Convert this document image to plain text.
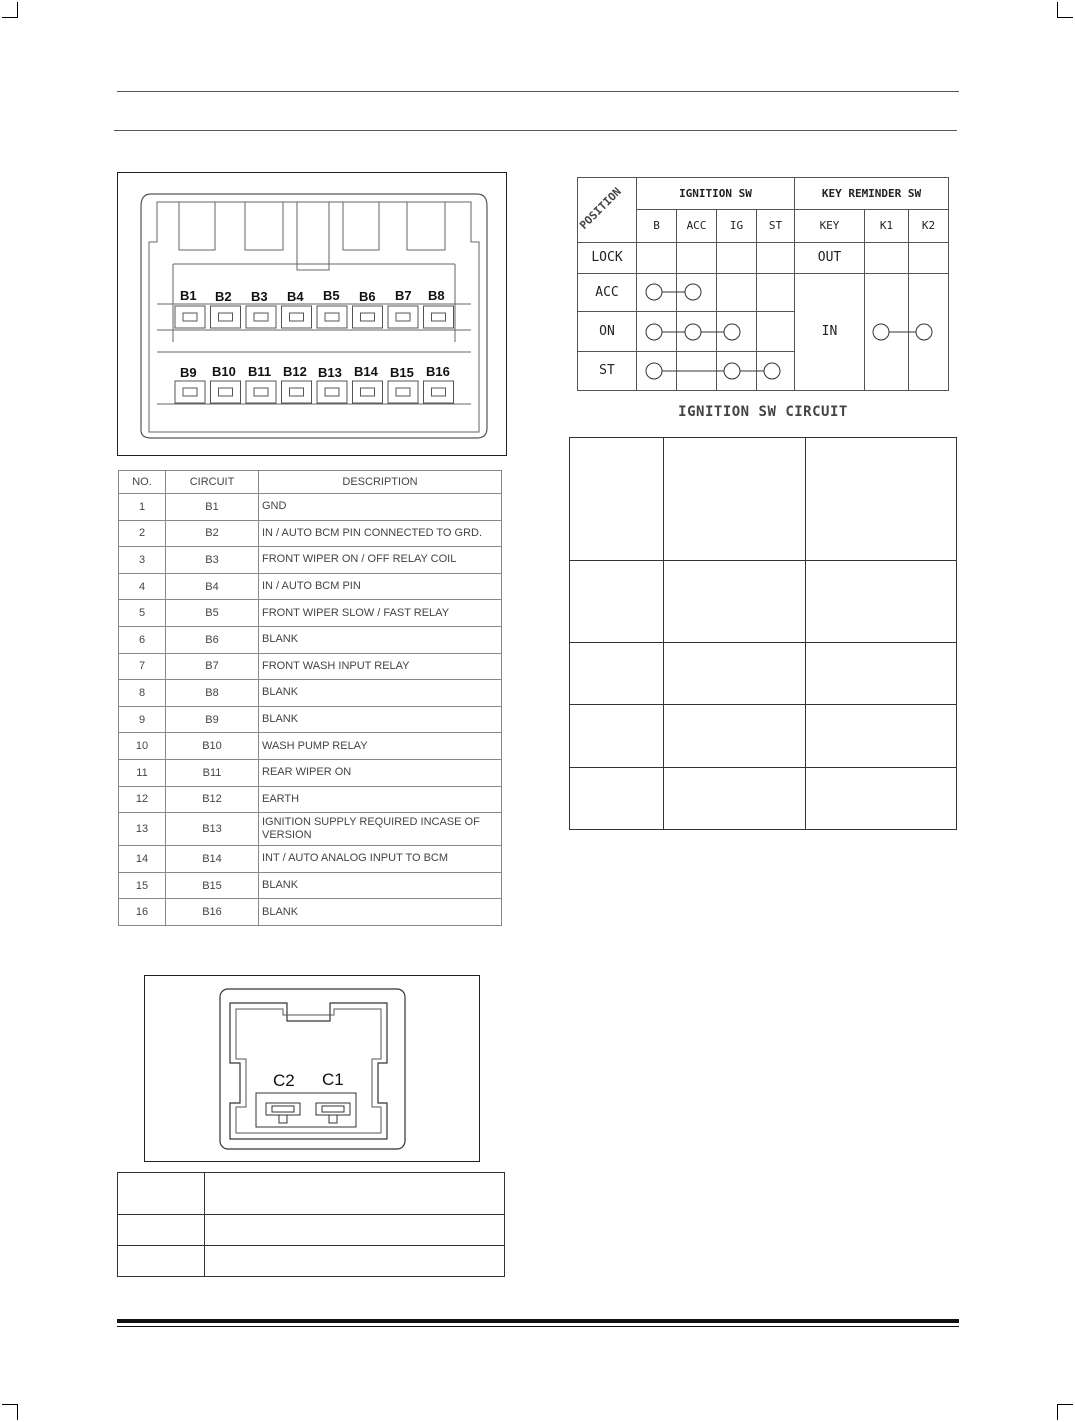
B1 B2 B3 B4 B5 B6 B7 B8
B9 B10 B11 B12 B13 B14 B15 B16
NO.	CIRCUIT	DESCRIPTION
1	B1	GND
2	B2	IN / AUTO BCM PIN CONNECTED TO GRD.
3	B3	FRONT WIPER ON / OFF RELAY COIL
4	B4	IN / AUTO BCM PIN
5	B5	FRONT WIPER SLOW / FAST RELAY
6	B6	BLANK
7	B7	FRONT WASH INPUT RELAY
8	B8	BLANK
9	B9	BLANK
10	B10	WASH PUMP RELAY
11	B11	REAR WIPER ON
12	B12	EARTH
13	B13	IGNITION SUPPLY REQUIRED INCASE OF VERSION
14	B14	INT / AUTO ANALOG INPUT TO BCM
15	B15	BLANK
16	B16	BLANK
POSITION	IGNITION SW				KEY REMINDER SW		
	B	ACC	IG	ST	KEY	K1	K2
LOCK					OUT		
ACC					IN		
ON							
ST							
IGNITION SW CIRCUIT
C2 C1
